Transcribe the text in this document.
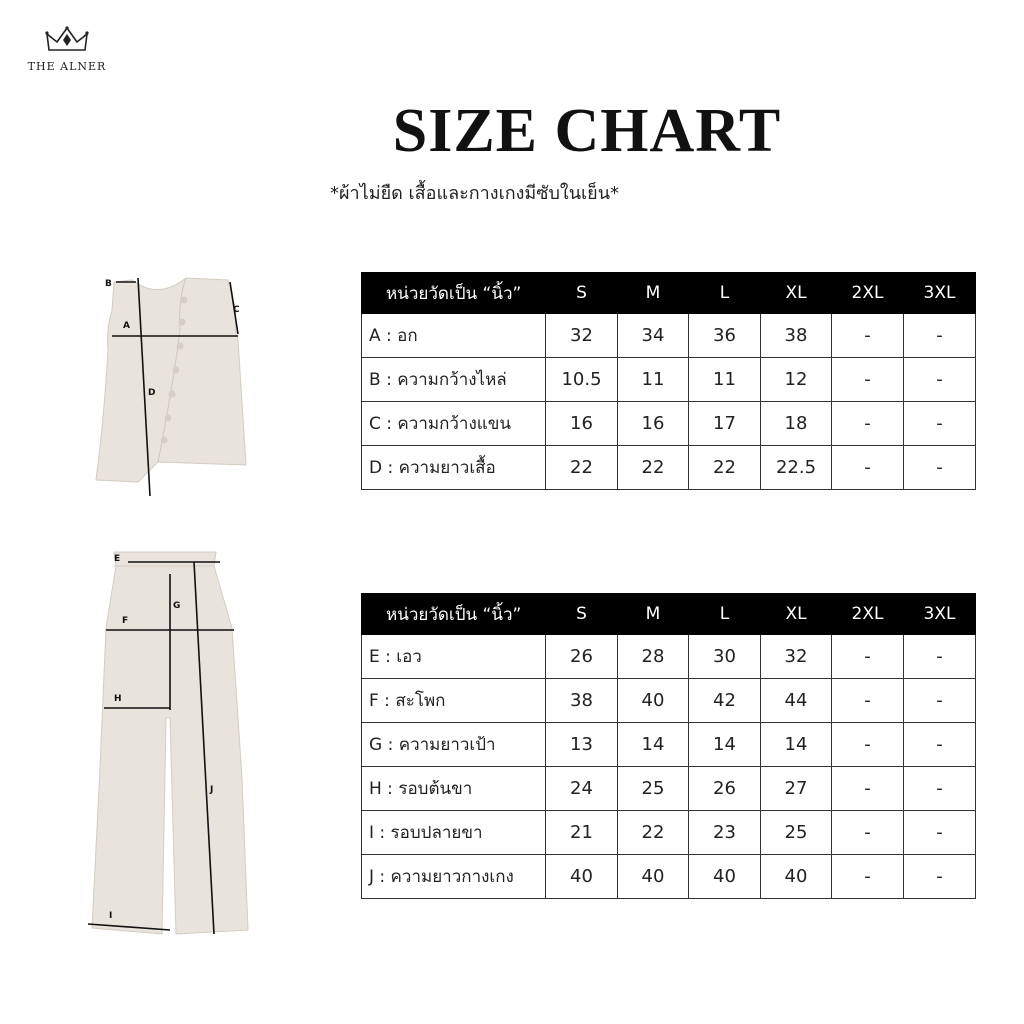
THE ALNER
SIZE CHART
*ผ้าไม่ยืด เสื้อและกางเกงมีซับในเย็น*
B
A
D
C
E
F
G
H
I
J
หน่วยวัดเป็น “นิ้ว”	S	M	L	XL	2XL	3XL
A : อก	32	34	36	38	-	-
B : ความกว้างไหล่	10.5	11	11	12	-	-
C : ความกว้างแขน	16	16	17	18	-	-
D : ความยาวเสื้อ	22	22	22	22.5	-	-
หน่วยวัดเป็น “นิ้ว”	S	M	L	XL	2XL	3XL
E : เอว	26	28	30	32	-	-
F : สะโพก	38	40	42	44	-	-
G : ความยาวเป้า	13	14	14	14	-	-
H : รอบต้นขา	24	25	26	27	-	-
I : รอบปลายขา	21	22	23	25	-	-
J : ความยาวกางเกง	40	40	40	40	-	-
